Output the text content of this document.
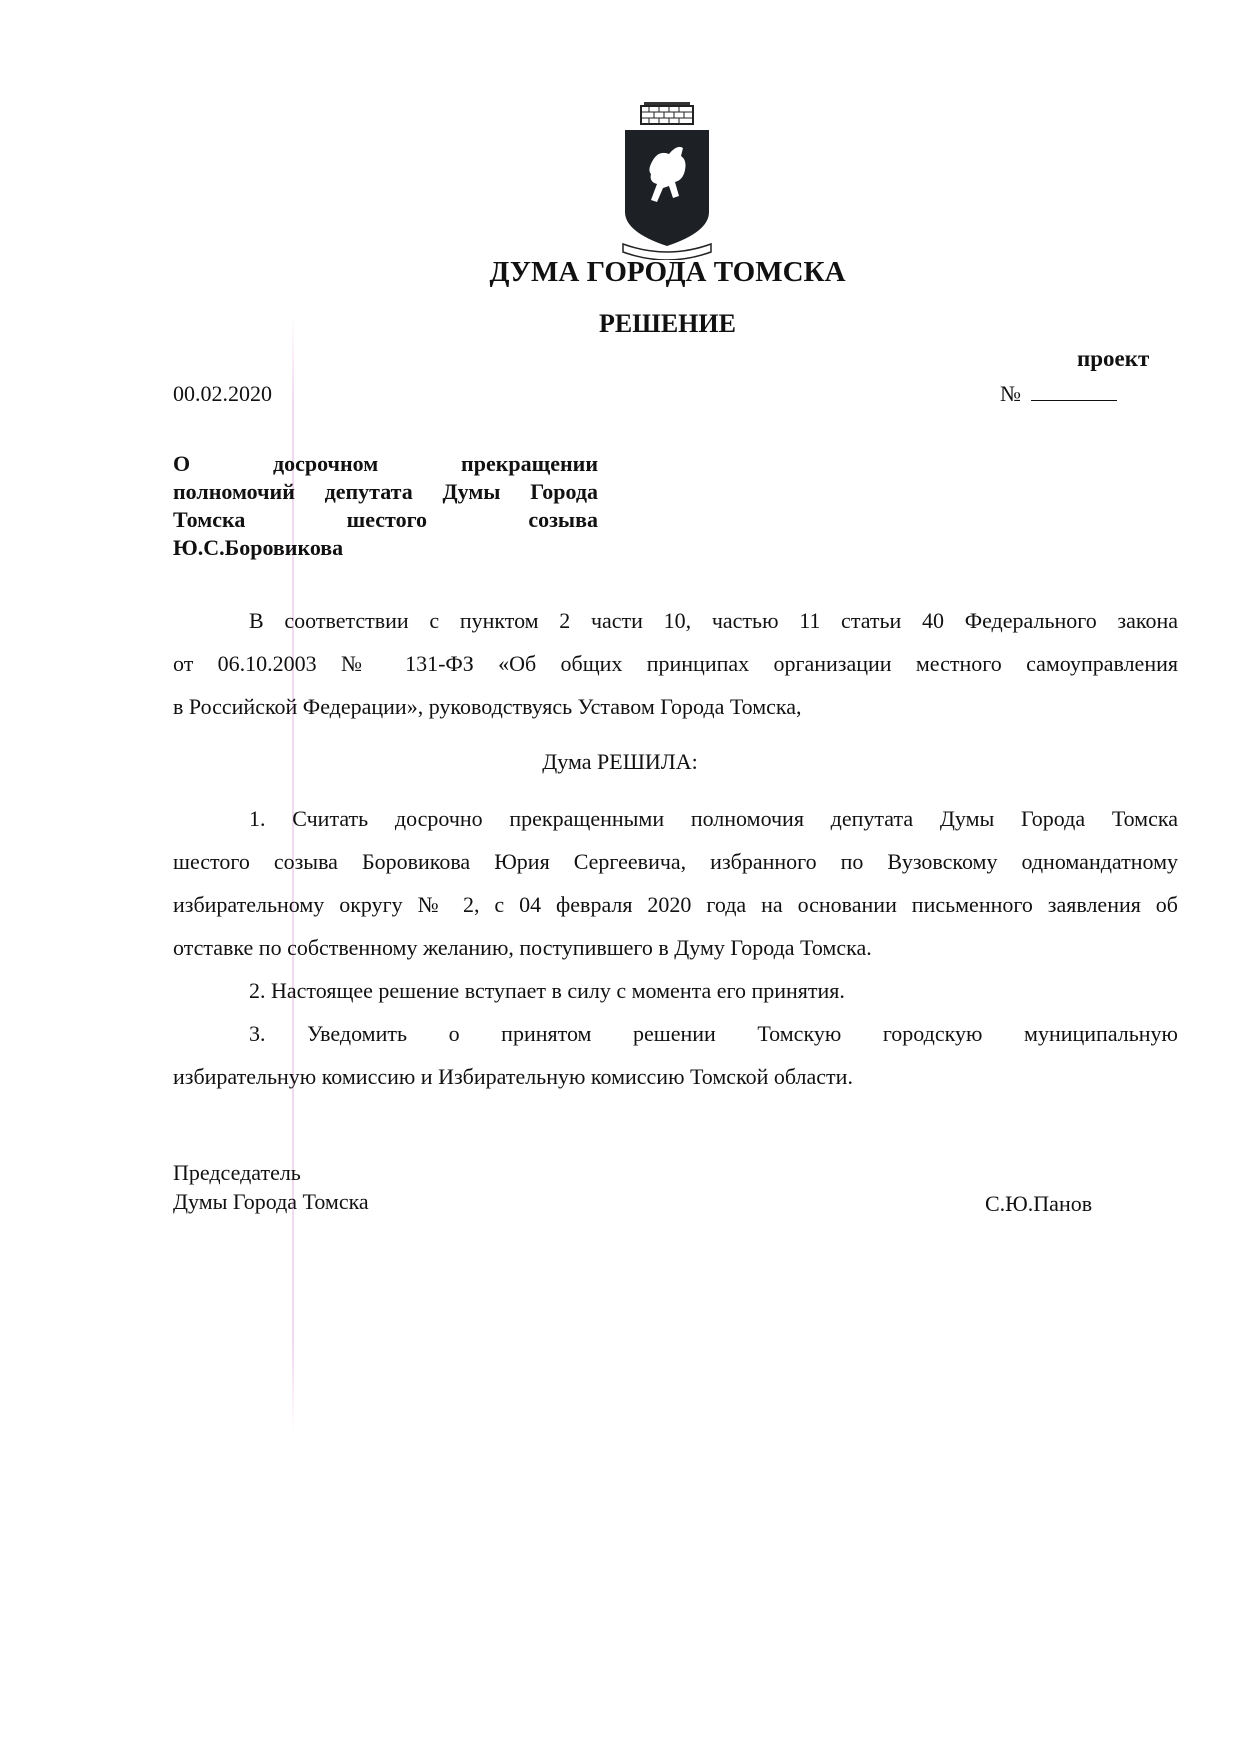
ДУМА ГОРОДА ТОМСКА
РЕШЕНИЕ
проект
00.02.2020	№
О досрочном прекращении
полномочий депутата Думы Города
Томска шестого созыва
Ю.С.Боровикова
В соответствии с пунктом 2 части 10, частью 11 статьи 40 Федерального закона
от 06.10.2003 № 131-ФЗ «Об общих принципах организации местного самоуправления
в Российской Федерации», руководствуясь Уставом Города Томска,
Дума РЕШИЛА:
1. Считать досрочно прекращенными полномочия депутата Думы Города Томска
шестого созыва Боровикова Юрия Сергеевича, избранного по Вузовскому одномандатному
избирательному округу № 2, с 04 февраля 2020 года на основании письменного заявления об
отставке по собственному желанию, поступившего в Думу Города Томска.
2. Настоящее решение вступает в силу с момента его принятия.
3. Уведомить о принятом решении Томскую городскую муниципальную
избирательную комиссию и Избирательную комиссию Томской области.
Председатель
Думы Города Томска	С.Ю.Панов
